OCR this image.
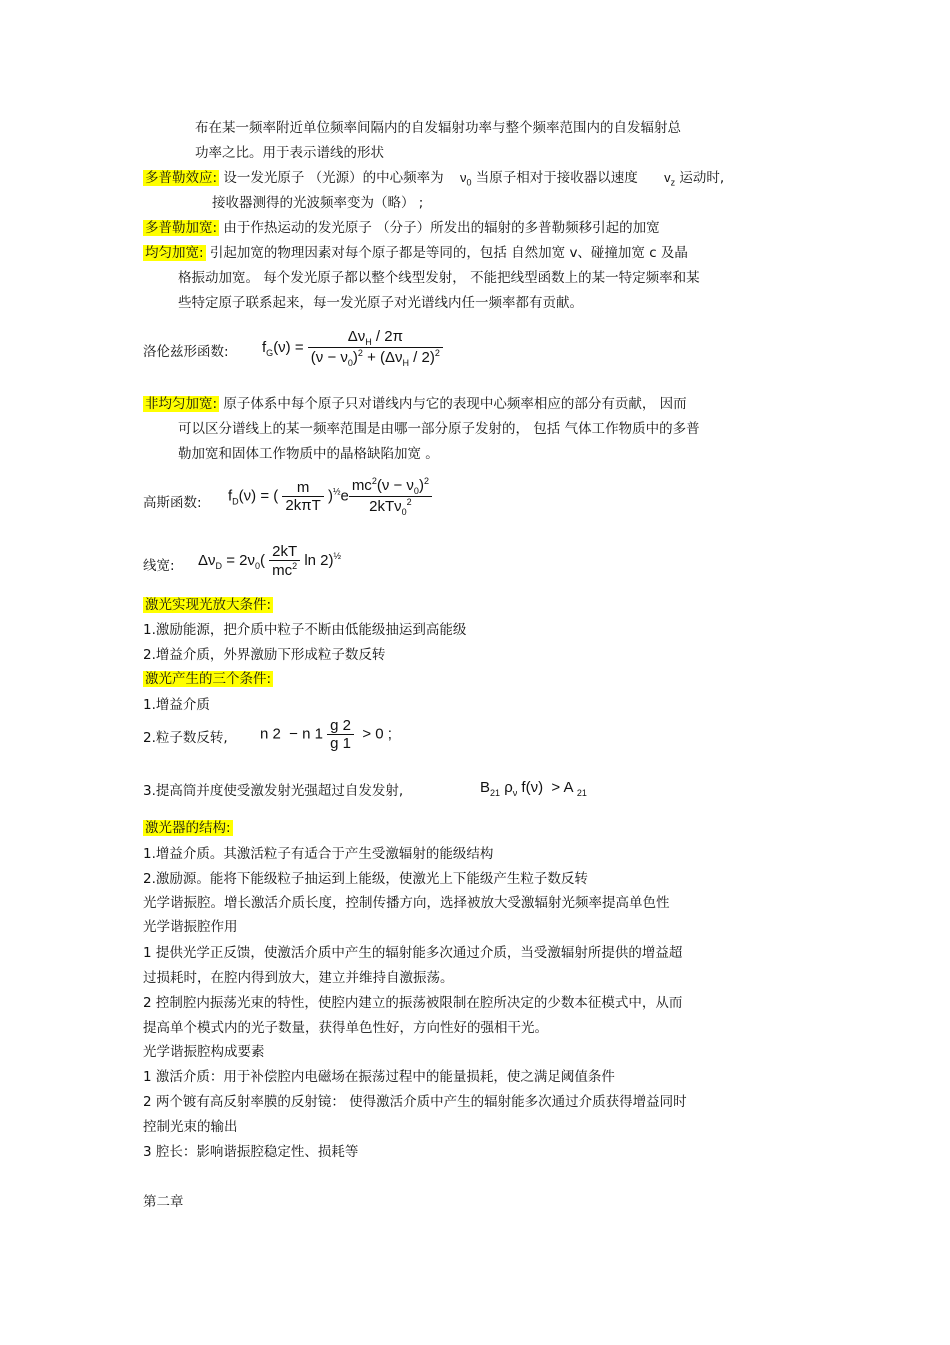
布在某一频率附近单位频率间隔内的自发辐射功率与整个频率范围内的自发辐射总
功率之比。用于表示谱线的形状
多普勒效应: 设一发光原子 （光源）的中心频率为 $\nu_0$ 当原子相对于接收器以速度 $v_z$ 运动时,
接收器测得的光波频率变为（略） ;
多普勒加宽: 由于作热运动的发光原子 （分子）所发出的辐射的多普勒频移引起的加宽
均匀加宽: 引起加宽的物理因素对每个原子都是等同的，包括 自然加宽 v、碰撞加宽 c 及晶
格振动加宽。 每个发光原子都以整个线型发射， 不能把线型函数上的某一特定频率和某
些特定原子联系起来，每一发光原子对光谱线内任一频率都有贡献。
洛伦兹形函数: $f_G(\nu) = \frac{\Delta\nu_H / 2\pi}{(\nu - \nu_0)^2 + (\Delta\nu_H / 2)^2}$
非均匀加宽: 原子体系中每个原子只对谱线内与它的表现中心频率相应的部分有贡献， 因而
可以区分谱线上的某一频率范围是由哪一部分原子发射的， 包括 气体工作物质中的多普
勒加宽和固体工作物质中的晶格缺陷加宽 。
高斯函数: $f_D(\nu)$ = ( $\frac{m}{\text{2kπT}} )^{\frac{1}{2}}e \frac{mc^2(\nu - \nu_0)^2}{2kT\nu_0^2}$
线宽: $\Delta\nu_D = 2\nu_0( \frac{2kT}{mc^2}$ ln 2)$^{\frac{1}{2}}$
激光实现光放大条件:
1.激励能源，把介质中粒子不断由低能级抽运到高能级
2.增益介质，外界激励下形成粒子数反转
激光产生的三个条件:
1.增益介质
2.粒子数反转, n 2  − n $1 \frac{g 2}{g 1} > 0$ ;
3.提高筒并度使受激发射光强超过自发发射,	$B_{21}$ $\rho_\nu$ f(ν)  > A $_{21}$
激光器的结构:
1.增益介质。其激活粒子有适合于产生受激辐射的能级结构
2.激励源。能将下能级粒子抽运到上能级，使激光上下能级产生粒子数反转
光学谐振腔。增长激活介质长度，控制传播方向，选择被放大受激辐射光频率提高单色性
光学谐振腔作用
1 提供光学正反馈，使激活介质中产生的辐射能多次通过介质，当受激辐射所提供的增益超
过损耗时，在腔内得到放大，建立并维持自激振荡。
2 控制腔内振荡光束的特性，使腔内建立的振荡被限制在腔所决定的少数本征模式中，从而
提高单个模式内的光子数量，获得单色性好，方向性好的强相干光。
光学谐振腔构成要素
1 激活介质：用于补偿腔内电磁场在振荡过程中的能量损耗，使之满足阈值条件
2 两个镀有高反射率膜的反射镜： 使得激活介质中产生的辐射能多次通过介质获得增益同时
控制光束的输出
3 腔长：影响谐振腔稳定性、损耗等
第二章
